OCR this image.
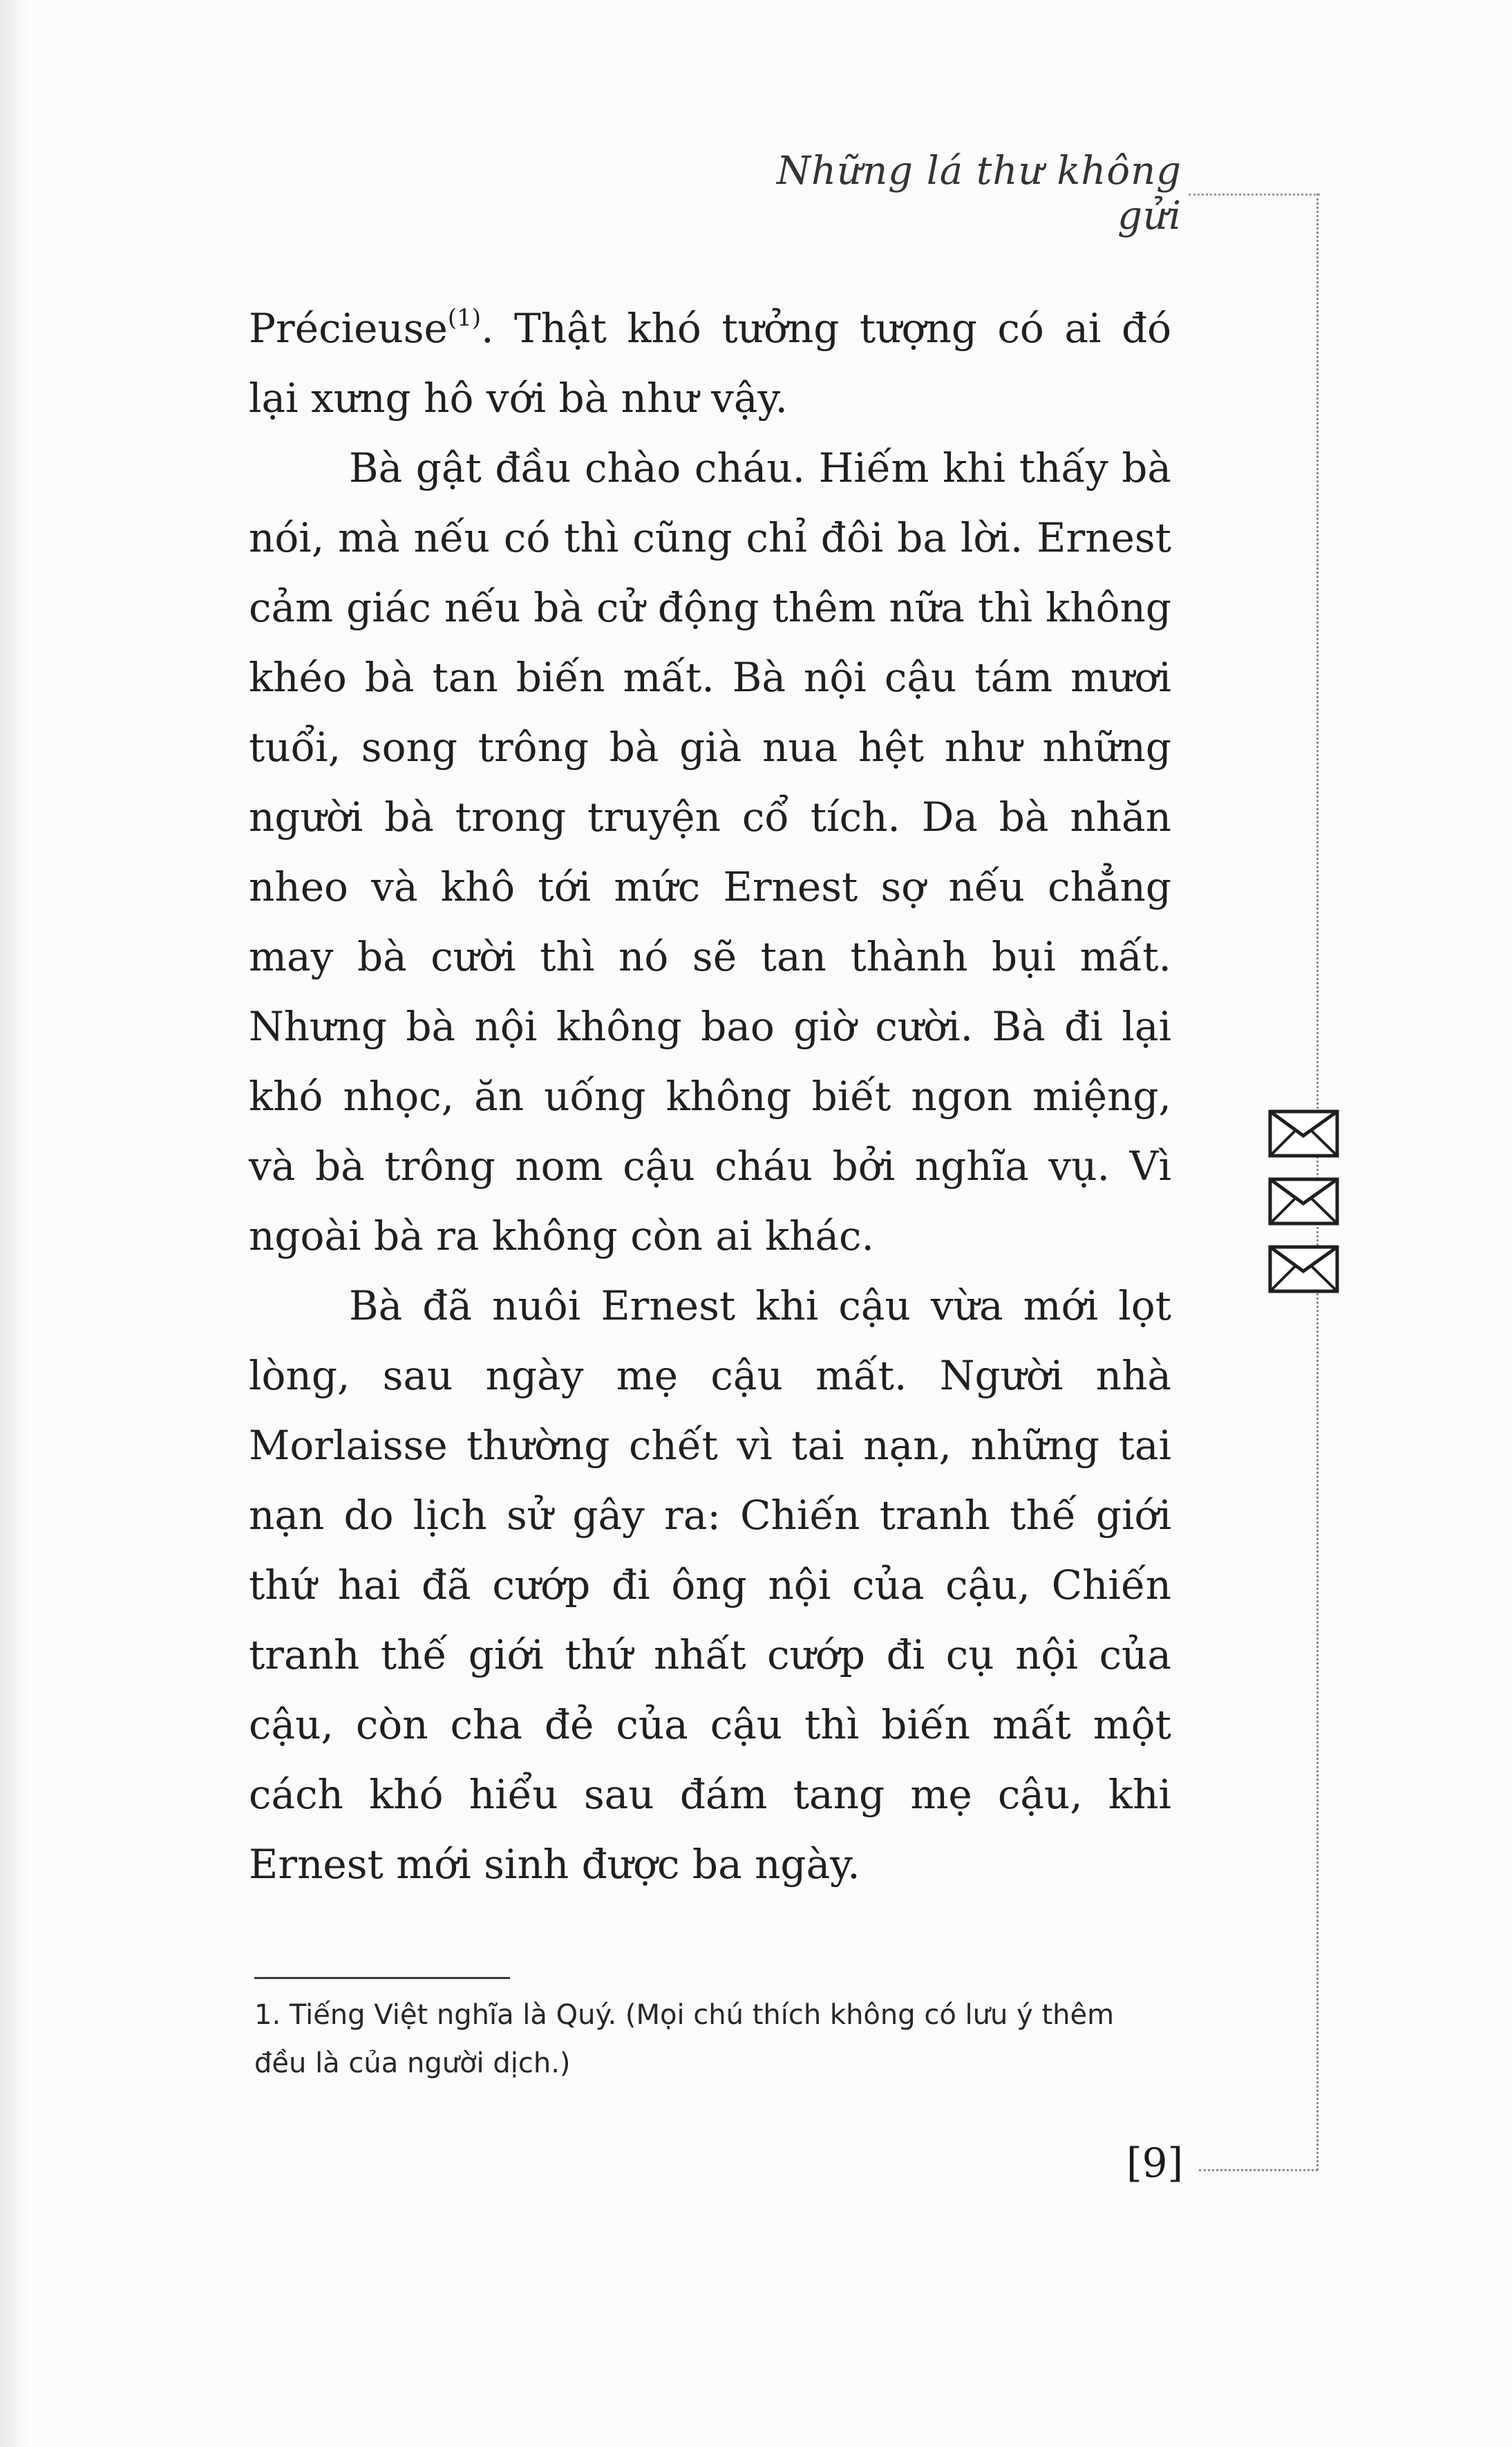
Những lá thư không gửi

Précieuse$^{(1)}$. Thật khó tưởng tượng có ai đó lại xưng hô với bà như vậy.

Bà gật đầu chào cháu. Hiếm khi thấy bà nói, mà nếu có thì cũng chỉ đôi ba lời. Ernest cảm giác nếu bà cử động thêm nữa thì không khéo bà tan biến mất. Bà nội cậu tám mươi tuổi, song trông bà già nua hệt như những người bà trong truyện cổ tích. Da bà nhăn nheo và khô tới mức Ernest sợ nếu chẳng may bà cười thì nó sẽ tan thành bụi mất. Nhưng bà nội không bao giờ cười. Bà đi lại khó nhọc, ăn uống không biết ngon miệng, và bà trông nom cậu cháu bởi nghĩa vụ. Vì ngoài bà ra không còn ai khác.

Bà đã nuôi Ernest khi cậu vừa mới lọt lòng, sau ngày mẹ cậu mất. Người nhà Morlaisse thường chết vì tai nạn, những tai nạn do lịch sử gây ra: Chiến tranh thế giới thứ hai đã cướp đi ông nội của cậu, Chiến tranh thế giới thứ nhất cướp đi cụ nội của cậu, còn cha đẻ của cậu thì biến mất một cách khó hiểu sau đám tang mẹ cậu, khi Ernest mới sinh được ba ngày.

1. Tiếng Việt nghĩa là Quý. (Mọi chú thích không có lưu ý thêm đều là của người dịch.)
[9]
